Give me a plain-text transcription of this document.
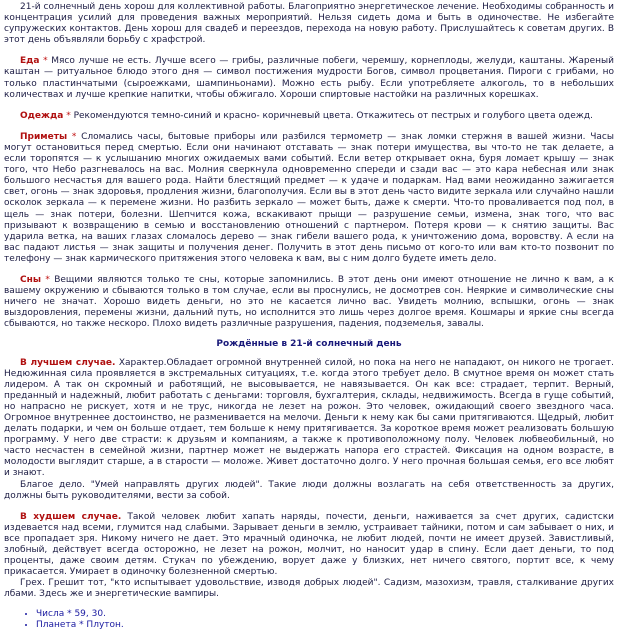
21-й солнечный день хорош для коллективной работы. Благоприятно энергетическое лечение. Необходимы собранность и концентрация усилий для проведения важных мероприятий. Нельзя сидеть дома и быть в одиночестве. Не избегайте супружеских контактов. День хорош для свадеб и переездов, перехода на новую работу. Прислушайтесь к советам других. В этот день объявляли борьбу с храфстрой.

Еда * Мясо лучше не есть. Лучше всего — грибы, различные побеги, черемшу, корнеплоды, желуди, каштаны. Жареный каштан — ритуальное блюдо этого дня — символ постижения мудрости Богов, символ процветания. Пироги с грибами, но только пластинчатыми (сыроежками, шампиньонами). Можно есть рыбу. Если употребляете алкоголь, то в небольших количествах и лучше крепкие напитки, чтобы обжигало. Хороши спиртовые настойки на различных корешках.

Одежда * Рекомендуются темно-синий и красно- коричневый цвета. Откажитесь от пестрых и голубого цвета одежд.

Приметы * Сломались часы, бытовые приборы или разбился термометр — знак ломки стержня в вашей жизни. Часы могут остановиться перед смертью. Если они начинают отставать — знак потери имущества, вы что-то не так делаете, а если торопятся — к услышанию многих ожидаемых вами событий. Если ветер открывает окна, буря ломает крышу — знак того, что Небо разгневалось на вас. Молния сверкнула одновременно спереди и сзади вас — это кара небесная или знак большого несчастья для вашего рода. Найти блестящий предмет — к удаче и подаркам. Над вами неожиданно зажигается свет, огонь — знак здоровья, продления жизни, благополучия. Если вы в этот день часто видите зеркала или случайно нашли осколок зеркала — к перемене жизни. Но разбить зеркало — может быть, даже к смерти. Что-то проваливается под пол, в щель — знак потери, болезни. Шепчится кожа, вскакивают прыщи — разрушение семьи, измена, знак того, что вас призывают к возвращению в семью и восстановлению отношений с партнером. Потеря крови — к снятию защиты. Вас ударила ветка, на ваших глазах сломалось дерево — знак гибели вашего рода, к уничтожению дома, воровству. А если на вас падают листья — знак защиты и получения денег. Получить в этот день письмо от кого-то или вам кто-то позвонит по телефону — знак кармического притяжения этого человека к вам, вы с ним долго будете иметь дело.

Сны * Вещими являются только те сны, которые запомнились. В этот день они имеют отношение не лично к вам, а к вашему окружению и сбываются только в том случае, если вы проснулись, не досмотрев сон. Неяркие и символические сны ничего не значат. Хорошо видеть деньги, но это не касается лично вас. Увидеть молнию, вспышки, огонь — знак выздоровления, перемены жизни, дальний путь, но исполнится это лишь через долгое время. Кошмары и яркие сны всегда сбываются, но также нескоро. Плохо видеть различные разрушения, падения, подземелья, завалы.

Рождённые в 21-й солнечный день

В лучшем случае. Характер.Обладает огромной внутренней силой, но пока на него не нападают, он никого не трогает. Недюжинная сила проявляется в экстремальных ситуациях, т.е. когда этого требует дело. В смутное время он может стать лидером. А так он скромный и работящий, не высовывается, не навязывается. Он как все: страдает, терпит. Верный, преданный и надежный, любит работать с деньгами: торговля, бухгалтерия, склады, недвижимость. Всегда в гуще событий, но напрасно не рискует, хотя и не трус, никогда не лезет на рожон. Это человек, ожидающий своего звездного часа. Огромное внутреннее достоинство, не разменивается на мелочи. Деньги к нему как бы сами притягиваются. Щедрый, любит делать подарки, и чем он больше отдает, тем больше к нему притягивается. За короткое время может реализовать большую программу. У него две страсти: к друзьям и компаниям, а также к противоположному полу. Человек любвеобильный, но часто несчастен в семейной жизни, партнер может не выдержать напора его страстей. Фиксация на одном возрасте, в молодости выглядит старше, а в старости — моложе. Живет достаточно долго. У него прочная большая семья, его все любят и знают.

Благое дело. "Умей направлять других людей". Такие люди должны возлагать на себя ответственность за других, должны быть руководителями, вести за собой.

В худшем случае. Такой человек любит хапать наряды, почести, деньги, наживается за счет других, садистски издевается над всеми, глумится над слабыми. Зарывает деньги в землю, устраивает тайники, потом и сам забывает о них, и все пропадает зря. Никому ничего не дает. Это мрачный одиночка, не любит людей, почти не имеет друзей. Завистливый, злобный, действует всегда осторожно, не лезет на рожон, молчит, но наносит удар в спину. Если дает деньги, то под проценты, даже своим детям. Стукач по убеждению, ворует даже у близких, нет ничего святого, портит все, к чему прикасается. Умирает в одиночку болезненной смертью.

Грех. Грешит тот, "кто испытывает удовольствие, изводя добрых людей". Садизм, мазохизм, травля, сталкивание других лбами. Здесь же и энергетические вампиры.

• Числа * 59, 30.
• Планета * Плутон.
